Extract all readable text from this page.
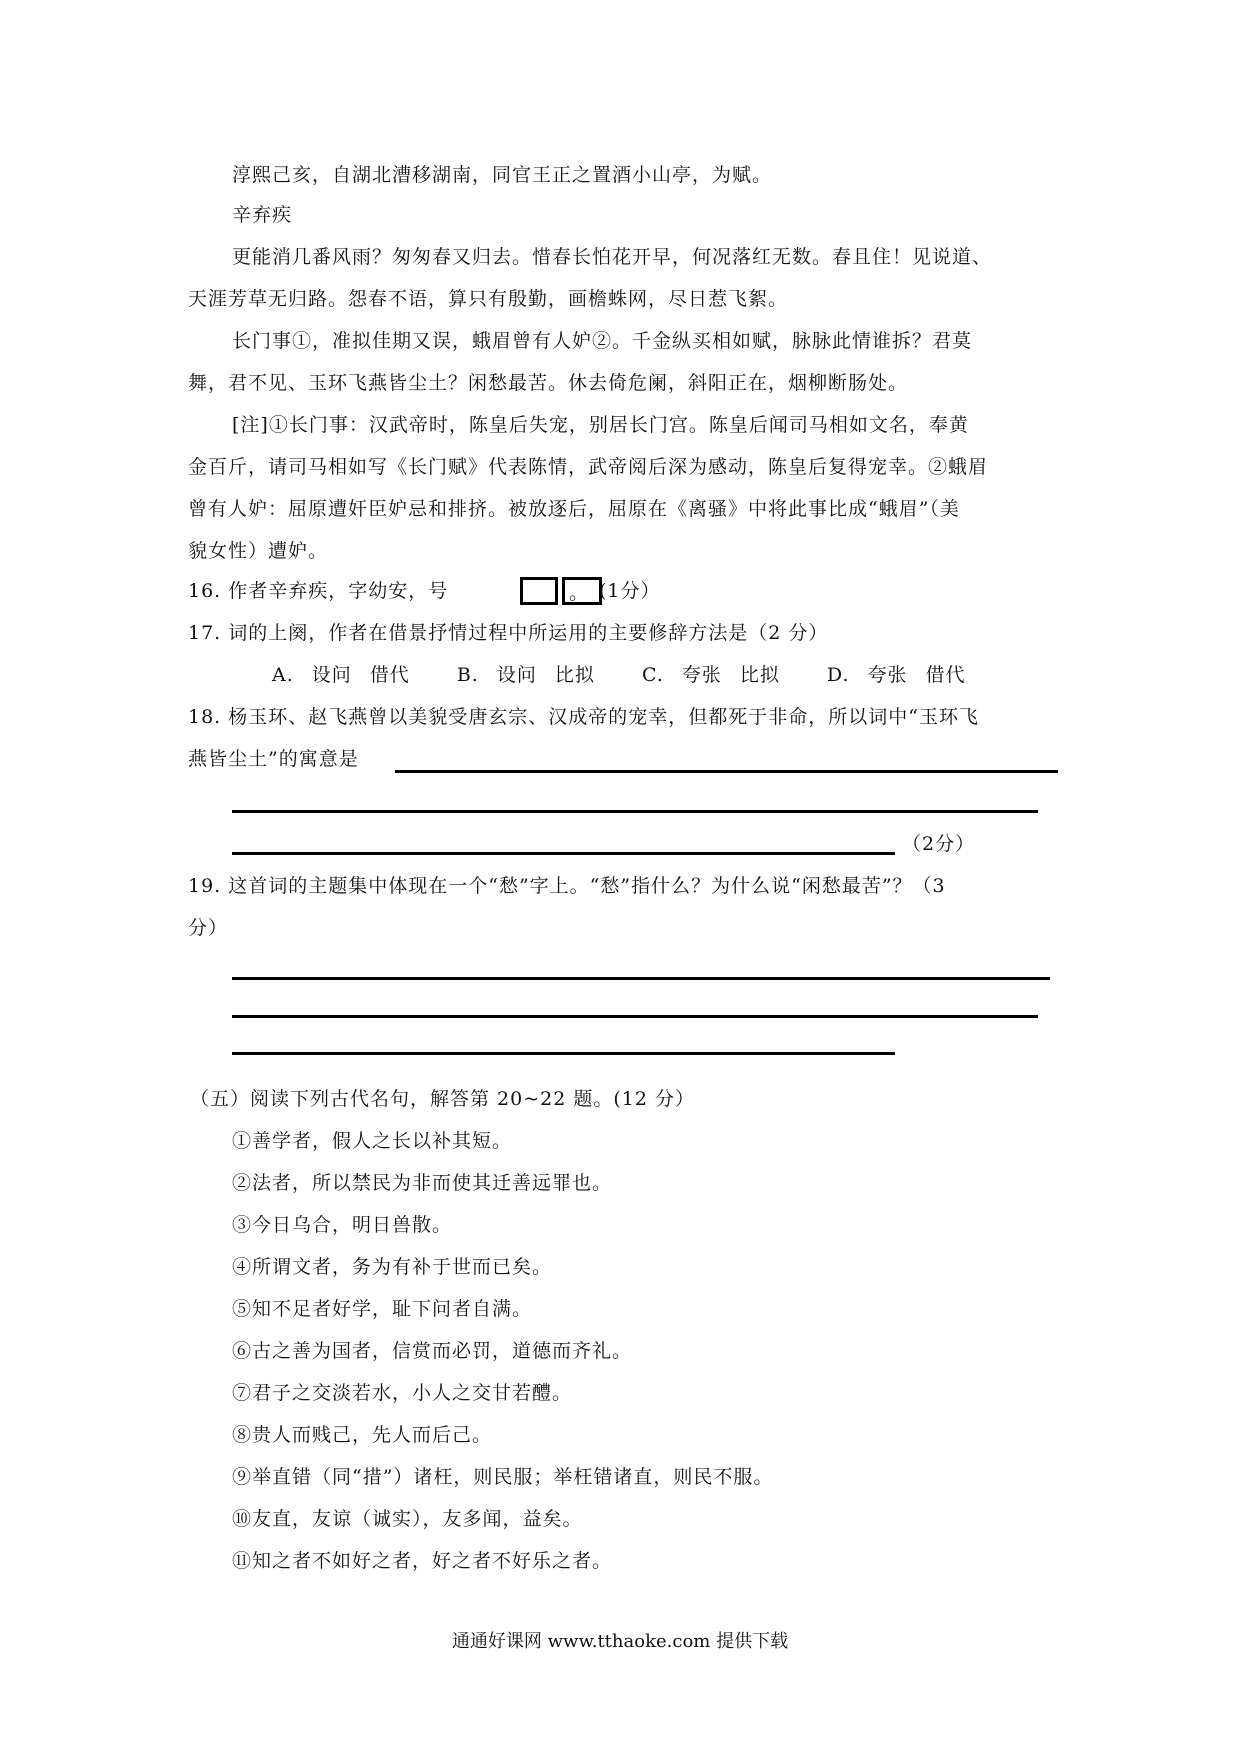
淳熙己亥，自湖北漕移湖南，同官王正之置酒小山亭，为赋。
辛弃疾
更能消几番风雨？匆匆春又归去。惜春长怕花开早，何况落红无数。春且住！见说道、
天涯芳草无归路。怨春不语，算只有殷勤，画檐蛛网，尽日惹飞絮。
长门事①，准拟佳期又误，蛾眉曾有人妒②。千金纵买相如赋，脉脉此情谁拆？君莫
舞，君不见、玉环飞燕皆尘土？闲愁最苦。休去倚危阑，斜阳正在，烟柳断肠处。
[注]①长门事：汉武帝时，陈皇后失宠，别居长门宫。陈皇后闻司马相如文名，奉黄
金百斤，请司马相如写《长门赋》代表陈情，武帝阅后深为感动，陈皇后复得宠幸。②蛾眉
曾有人妒：屈原遭奸臣妒忌和排挤。被放逐后，屈原在《离骚》中将此事比成“蛾眉”（美
貌女性）遭妒。
16. 作者辛弃疾，字幼安，号	。 (1分）
17. 词的上阕，作者在借景抒情过程中所运用的主要修辞方法是（2 分）
A. 设问 借代 B. 设问 比拟 C. 夸张 比拟 D. 夸张 借代
18. 杨玉环、赵飞燕曾以美貌受唐玄宗、汉成帝的宠幸，但都死于非命，所以词中“玉环飞
燕皆尘土”的寓意是
（2分）
19. 这首词的主题集中体现在一个“愁”字上。“愁”指什么？为什么说“闲愁最苦”？（3
分）
（五）阅读下列古代名句，解答第 20~22 题。(12 分）
①善学者，假人之长以补其短。
②法者，所以禁民为非而使其迁善远罪也。
③今日乌合，明日兽散。
④所谓文者，务为有补于世而已矣。
⑤知不足者好学，耻下问者自满。
⑥古之善为国者，信赏而必罚，道德而齐礼。
⑦君子之交淡若水，小人之交甘若醴。
⑧贵人而贱己，先人而后己。
⑨举直错（同“措”）诸枉，则民服；举枉错诸直，则民不服。
⑩友直，友谅（诚实），友多闻，益矣。
⑪知之者不如好之者，好之者不好乐之者。
通通好课网 www.tthaoke.com 提供下载
